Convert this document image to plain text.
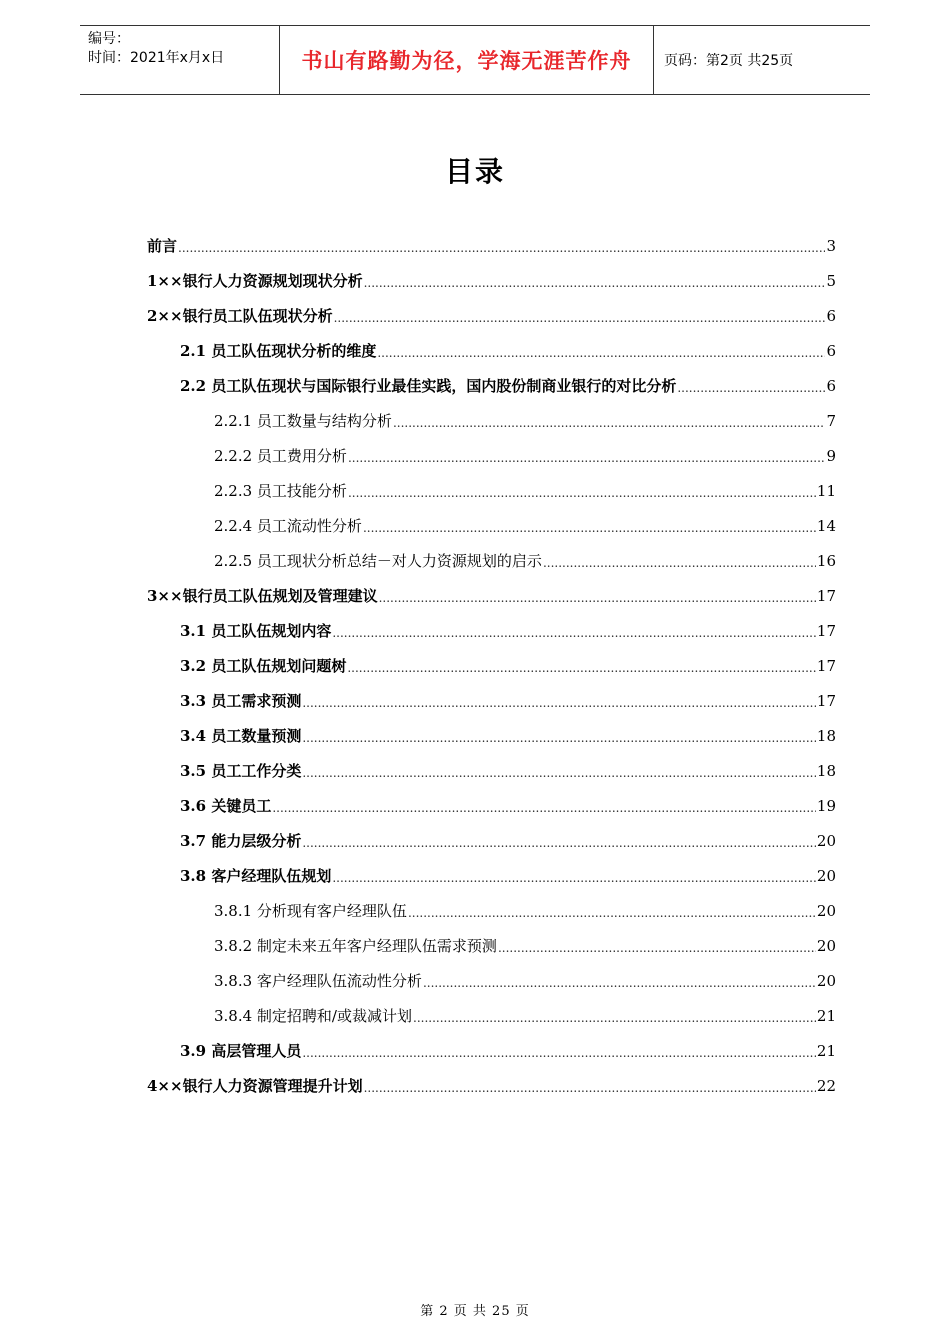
编号：
时间：2021年x月x日	书山有路勤为径，学海无涯苦作舟	页码：第2页 共25页
目录
前言 .....	3
1××银行人力资源规划现状分析 .....	5
2××银行员工队伍现状分析 .....	6
2.1 员工队伍现状分析的维度 .....	6
2.2 员工队伍现状与国际银行业最佳实践，国内股份制商业银行的对比分析 .....	6
2.2.1 员工数量与结构分析 .....	7
2.2.2 员工费用分析 .....	9
2.2.3 员工技能分析 .....	11
2.2.4 员工流动性分析 .....	14
2.2.5 员工现状分析总结－对人力资源规划的启示 .....	16
3××银行员工队伍规划及管理建议 .....	17
3.1 员工队伍规划内容 .....	17
3.2 员工队伍规划问题树 .....	17
3.3 员工需求预测 .....	17
3.4 员工数量预测 .....	18
3.5 员工工作分类 .....	18
3.6 关键员工 .....	19
3.7 能力层级分析 .....	20
3.8 客户经理队伍规划 .....	20
3.8.1 分析现有客户经理队伍 .....	20
3.8.2 制定未来五年客户经理队伍需求预测 .....	20
3.8.3 客户经理队伍流动性分析 .....	20
3.8.4 制定招聘和/或裁减计划 .....	21
3.9 高层管理人员 .....	21
4××银行人力资源管理提升计划 .....	22
第 2 页 共 25 页
